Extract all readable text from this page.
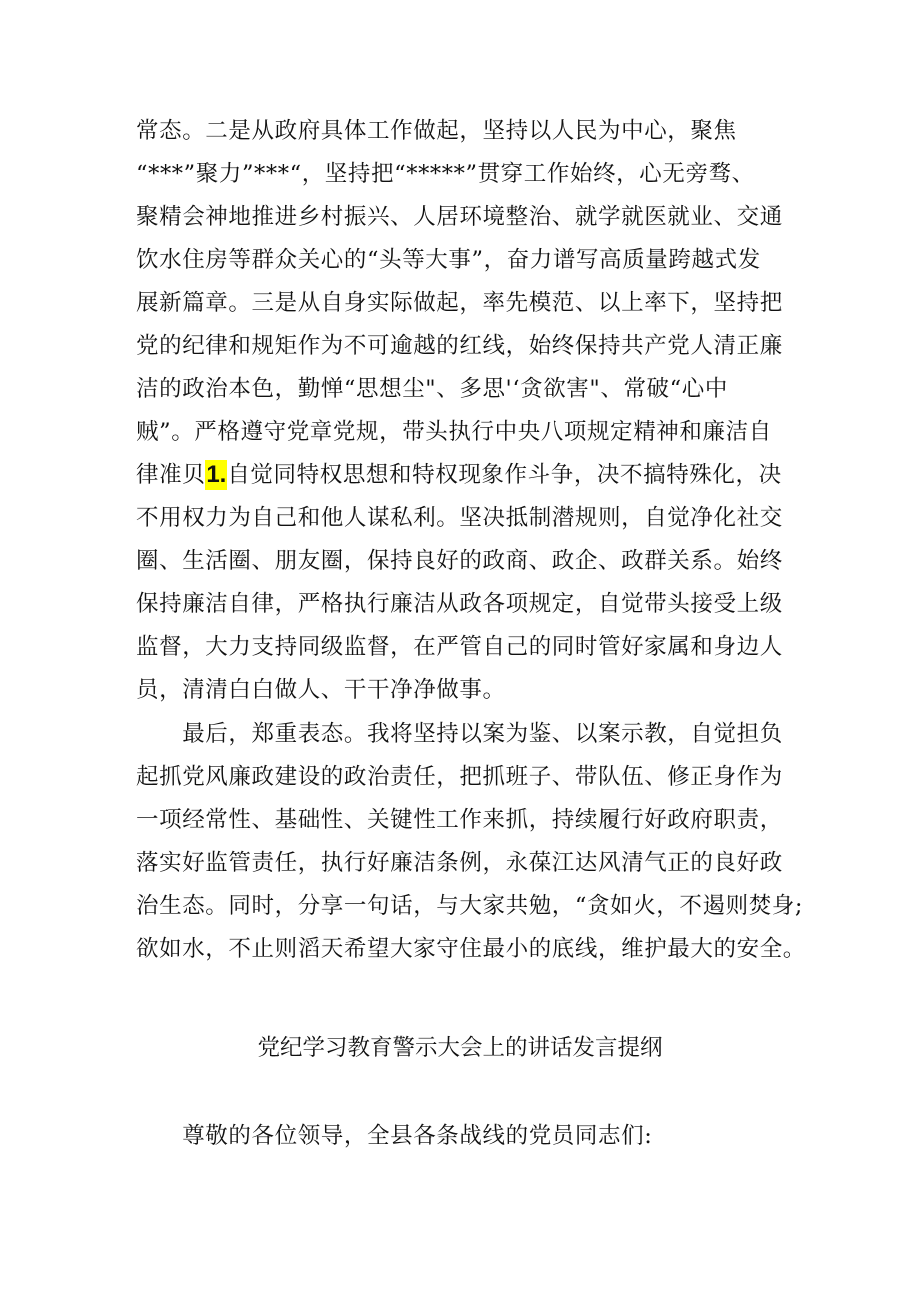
常态。二是从政府具体工作做起，坚持以人民为中心，聚焦
“***”聚力”***“，坚持把“*****”贯穿工作始终，心无旁骛、
聚精会神地推进乡村振兴、人居环境整治、就学就医就业、交通
饮水住房等群众关心的“头等大事”，奋力谱写高质量跨越式发
展新篇章。三是从自身实际做起，率先模范、以上率下，坚持把
党的纪律和规矩作为不可逾越的红线，始终保持共产党人清正廉
洁的政治本色，勤惮“思想尘"、多思'‘贪欲害"、常破“心中
贼”。严格遵守党章党规，带头执行中央八项规定精神和廉洁自
律准贝1.自觉同特权思想和特权现象作斗争，决不搞特殊化，决
不用权力为自己和他人谋私利。坚决抵制潜规则，自觉净化社交
圈、生活圈、朋友圈，保持良好的政商、政企、政群关系。始终
保持廉洁自律，严格执行廉洁从政各项规定，自觉带头接受上级
监督，大力支持同级监督，在严管自己的同时管好家属和身边人
员，清清白白做人、干干净净做事。
　　最后，郑重表态。我将坚持以案为鉴、以案示教，自觉担负
起抓党风廉政建设的政治责任，把抓班子、带队伍、修正身作为
一项经常性、基础性、关键性工作来抓，持续履行好政府职责，
落实好监管责任，执行好廉洁条例，永葆江达风清气正的良好政
治生态。同时，分享一句话，与大家共勉，“贪如火，不遏则焚身;
欲如水，不止则滔天希望大家守住最小的底线，维护最大的安全。
党纪学习教育警示大会上的讲话发言提纲
　　尊敬的各位领导，全县各条战线的党员同志们:
